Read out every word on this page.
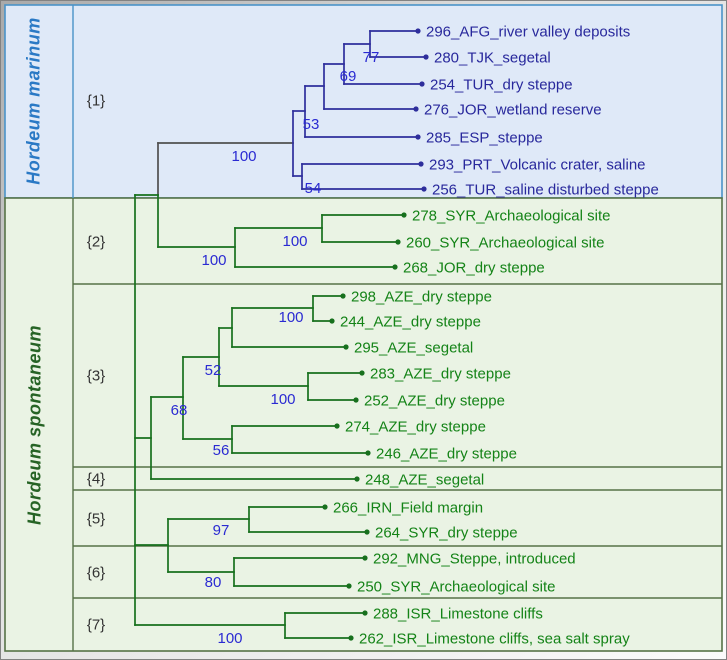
296_AFG_river valley deposits
280_TJK_segetal
254_TUR_dry steppe
276_JOR_wetland reserve
285_ESP_steppe
293_PRT_Volcanic crater, saline
256_TUR_saline disturbed steppe
278_SYR_Archaeological site
260_SYR_Archaeological site
268_JOR_dry steppe
298_AZE_dry steppe
244_AZE_dry steppe
295_AZE_segetal
283_AZE_dry steppe
252_AZE_dry steppe
274_AZE_dry steppe
246_AZE_dry steppe
248_AZE_segetal
266_IRN_Field margin
264_SYR_dry steppe
292_MNG_Steppe, introduced
250_SYR_Archaeological site
288_ISR_Limestone cliffs
262_ISR_Limestone cliffs, sea salt spray
77
69
53
54
100
100
100
100
52
100
68
56
97
80
100
{1}
{2}
{3}
{4}
{5}
{6}
{7}
Hordeum marinum
Hordeum spontaneum
